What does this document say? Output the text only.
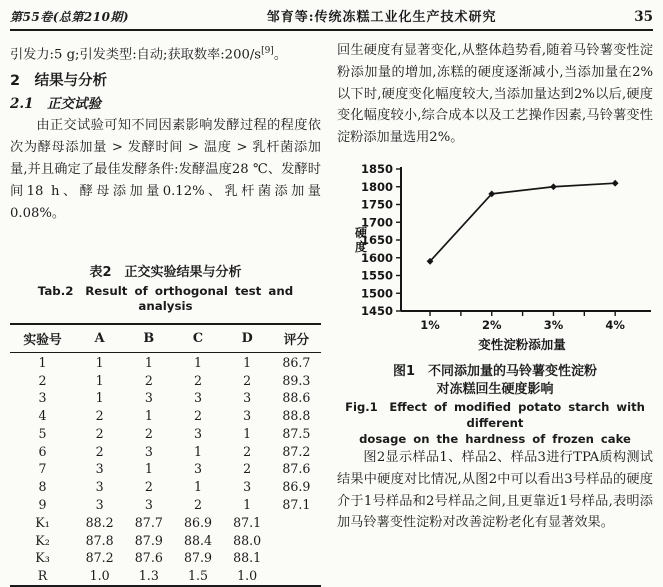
第55卷(总第210期)	邹育等:传统冻糕工业化生产技术研究	35

引发力:5 g;引发类型:自动;获取数率:200/s[9]。

2　结果与分析
2.1　正交试验

由正交试验可知不同因素影响发酵过程的程度依次为酵母添加量 > 发酵时间 > 温度 > 乳杆菌添加量,并且确定了最佳发酵条件:发酵温度28 ℃、发酵时间18 h、酵母添加量0.12%、乳杆菌添加量0.08%。

表2　正交实验结果与分析
Tab.2　Result of orthogonal test and analysis
实验号	A	B	C	D	评分
1	1	1	1	1	86.7
2	1	2	2	2	89.3
3	1	3	3	3	88.6
4	2	1	2	3	88.8
5	2	2	3	1	87.5
6	2	3	1	2	87.2
7	3	1	3	2	87.6
8	3	2	1	3	86.9
9	3	3	2	1	87.1
K₁	88.2	87.7	86.9	87.1	
K₂	87.8	87.9	88.4	88.0	
K₃	87.2	87.6	87.9	88.1	
R	1.0	1.3	1.5	1.0	

回生硬度有显著变化,从整体趋势看,随着马铃薯变性淀粉添加量的增加,冻糕的硬度逐渐减小,当添加量在2%以下时,硬度变化幅度较大,当添加量达到2%以后,硬度变化幅度较小,综合成本以及工艺操作因素,马铃薯变性淀粉添加量选用2%。

1450
1500
1550
1600
1650
1700
1750
1800
1850
1%	2%	3%	4%
变性淀粉添加量
硬
度
图1　不同添加量的马铃薯变性淀粉
对冻糕回生硬度影响
Fig.1　Effect of modified potato starch with different
dosage on the hardness of frozen cake

图2显示样品1、样品2、样品3进行TPA质构测试结果中硬度对比情况,从图2中可以看出3号样品的硬度介于1号样品和2号样品之间,且更靠近1号样品,表明添加马铃薯变性淀粉对改善淀粉老化有显著效果。
